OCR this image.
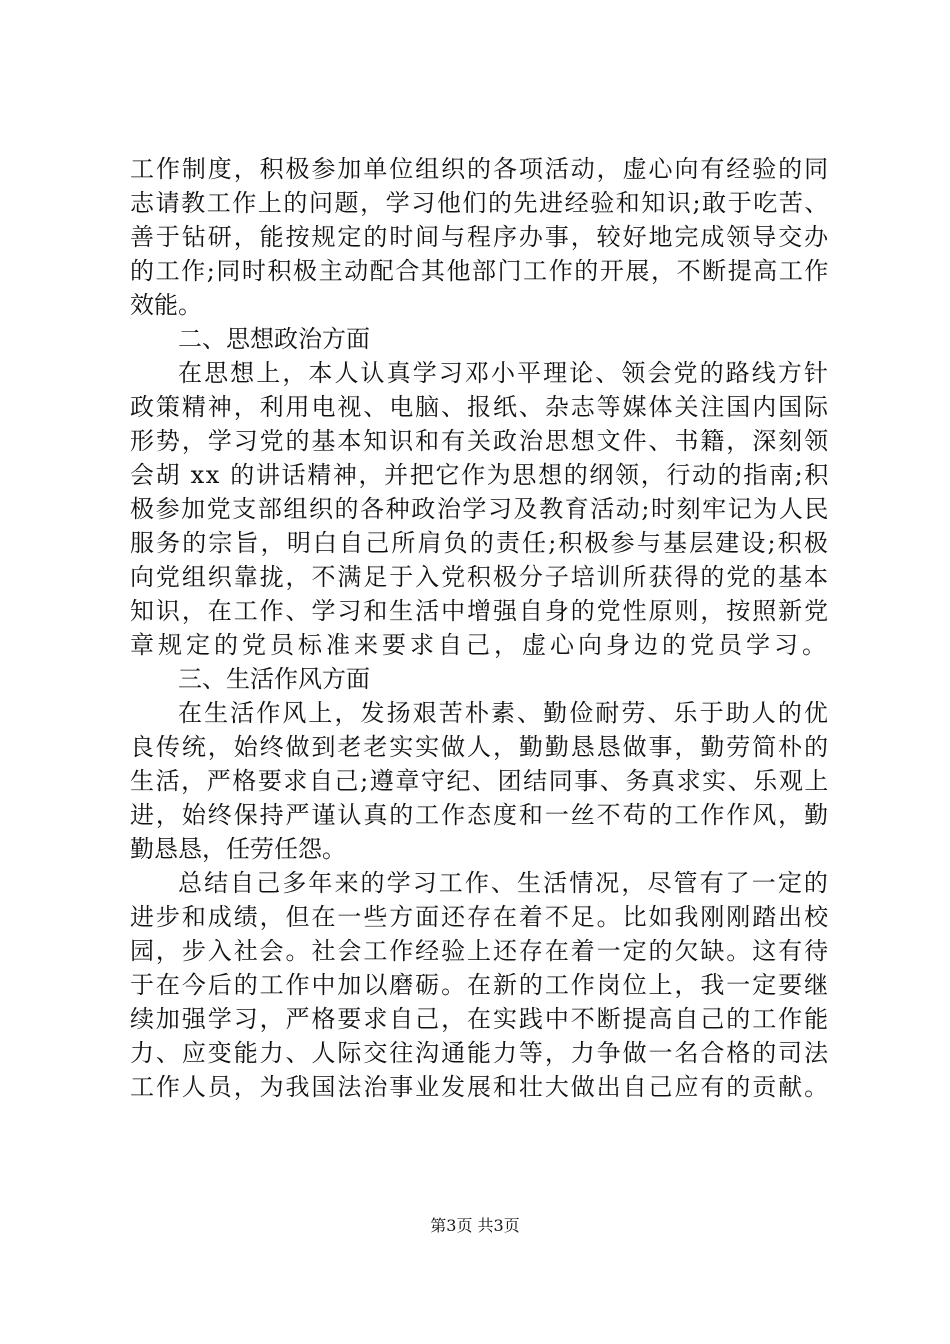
工作制度，积极参加单位组织的各项活动，虚心向有经验的同
志请教工作上的问题，学习他们的先进经验和知识;敢于吃苦、
善于钻研，能按规定的时间与程序办事，较好地完成领导交办
的工作;同时积极主动配合其他部门工作的开展，不断提高工作
效能。
二、思想政治方面
在思想上，本人认真学习邓小平理论、领会党的路线方针
政策精神，利用电视、电脑、报纸、杂志等媒体关注国内国际
形势，学习党的基本知识和有关政治思想文件、书籍，深刻领
会胡 xx 的讲话精神，并把它作为思想的纲领，行动的指南;积
极参加党支部组织的各种政治学习及教育活动;时刻牢记为人民
服务的宗旨，明白自己所肩负的责任;积极参与基层建设;积极
向党组织靠拢，不满足于入党积极分子培训所获得的党的基本
知识，在工作、学习和生活中增强自身的党性原则，按照新党
章规定的党员标准来要求自己，虚心向身边的党员学习。
三、生活作风方面
在生活作风上，发扬艰苦朴素、勤俭耐劳、乐于助人的优
良传统，始终做到老老实实做人，勤勤恳恳做事，勤劳简朴的
生活，严格要求自己;遵章守纪、团结同事、务真求实、乐观上
进，始终保持严谨认真的工作态度和一丝不苟的工作作风，勤
勤恳恳，任劳任怨。
总结自己多年来的学习工作、生活情况，尽管有了一定的
进步和成绩，但在一些方面还存在着不足。比如我刚刚踏出校
园，步入社会。社会工作经验上还存在着一定的欠缺。这有待
于在今后的工作中加以磨砺。在新的工作岗位上，我一定要继
续加强学习，严格要求自己，在实践中不断提高自己的工作能
力、应变能力、人际交往沟通能力等，力争做一名合格的司法
工作人员，为我国法治事业发展和壮大做出自己应有的贡献。
第3页 共3页
